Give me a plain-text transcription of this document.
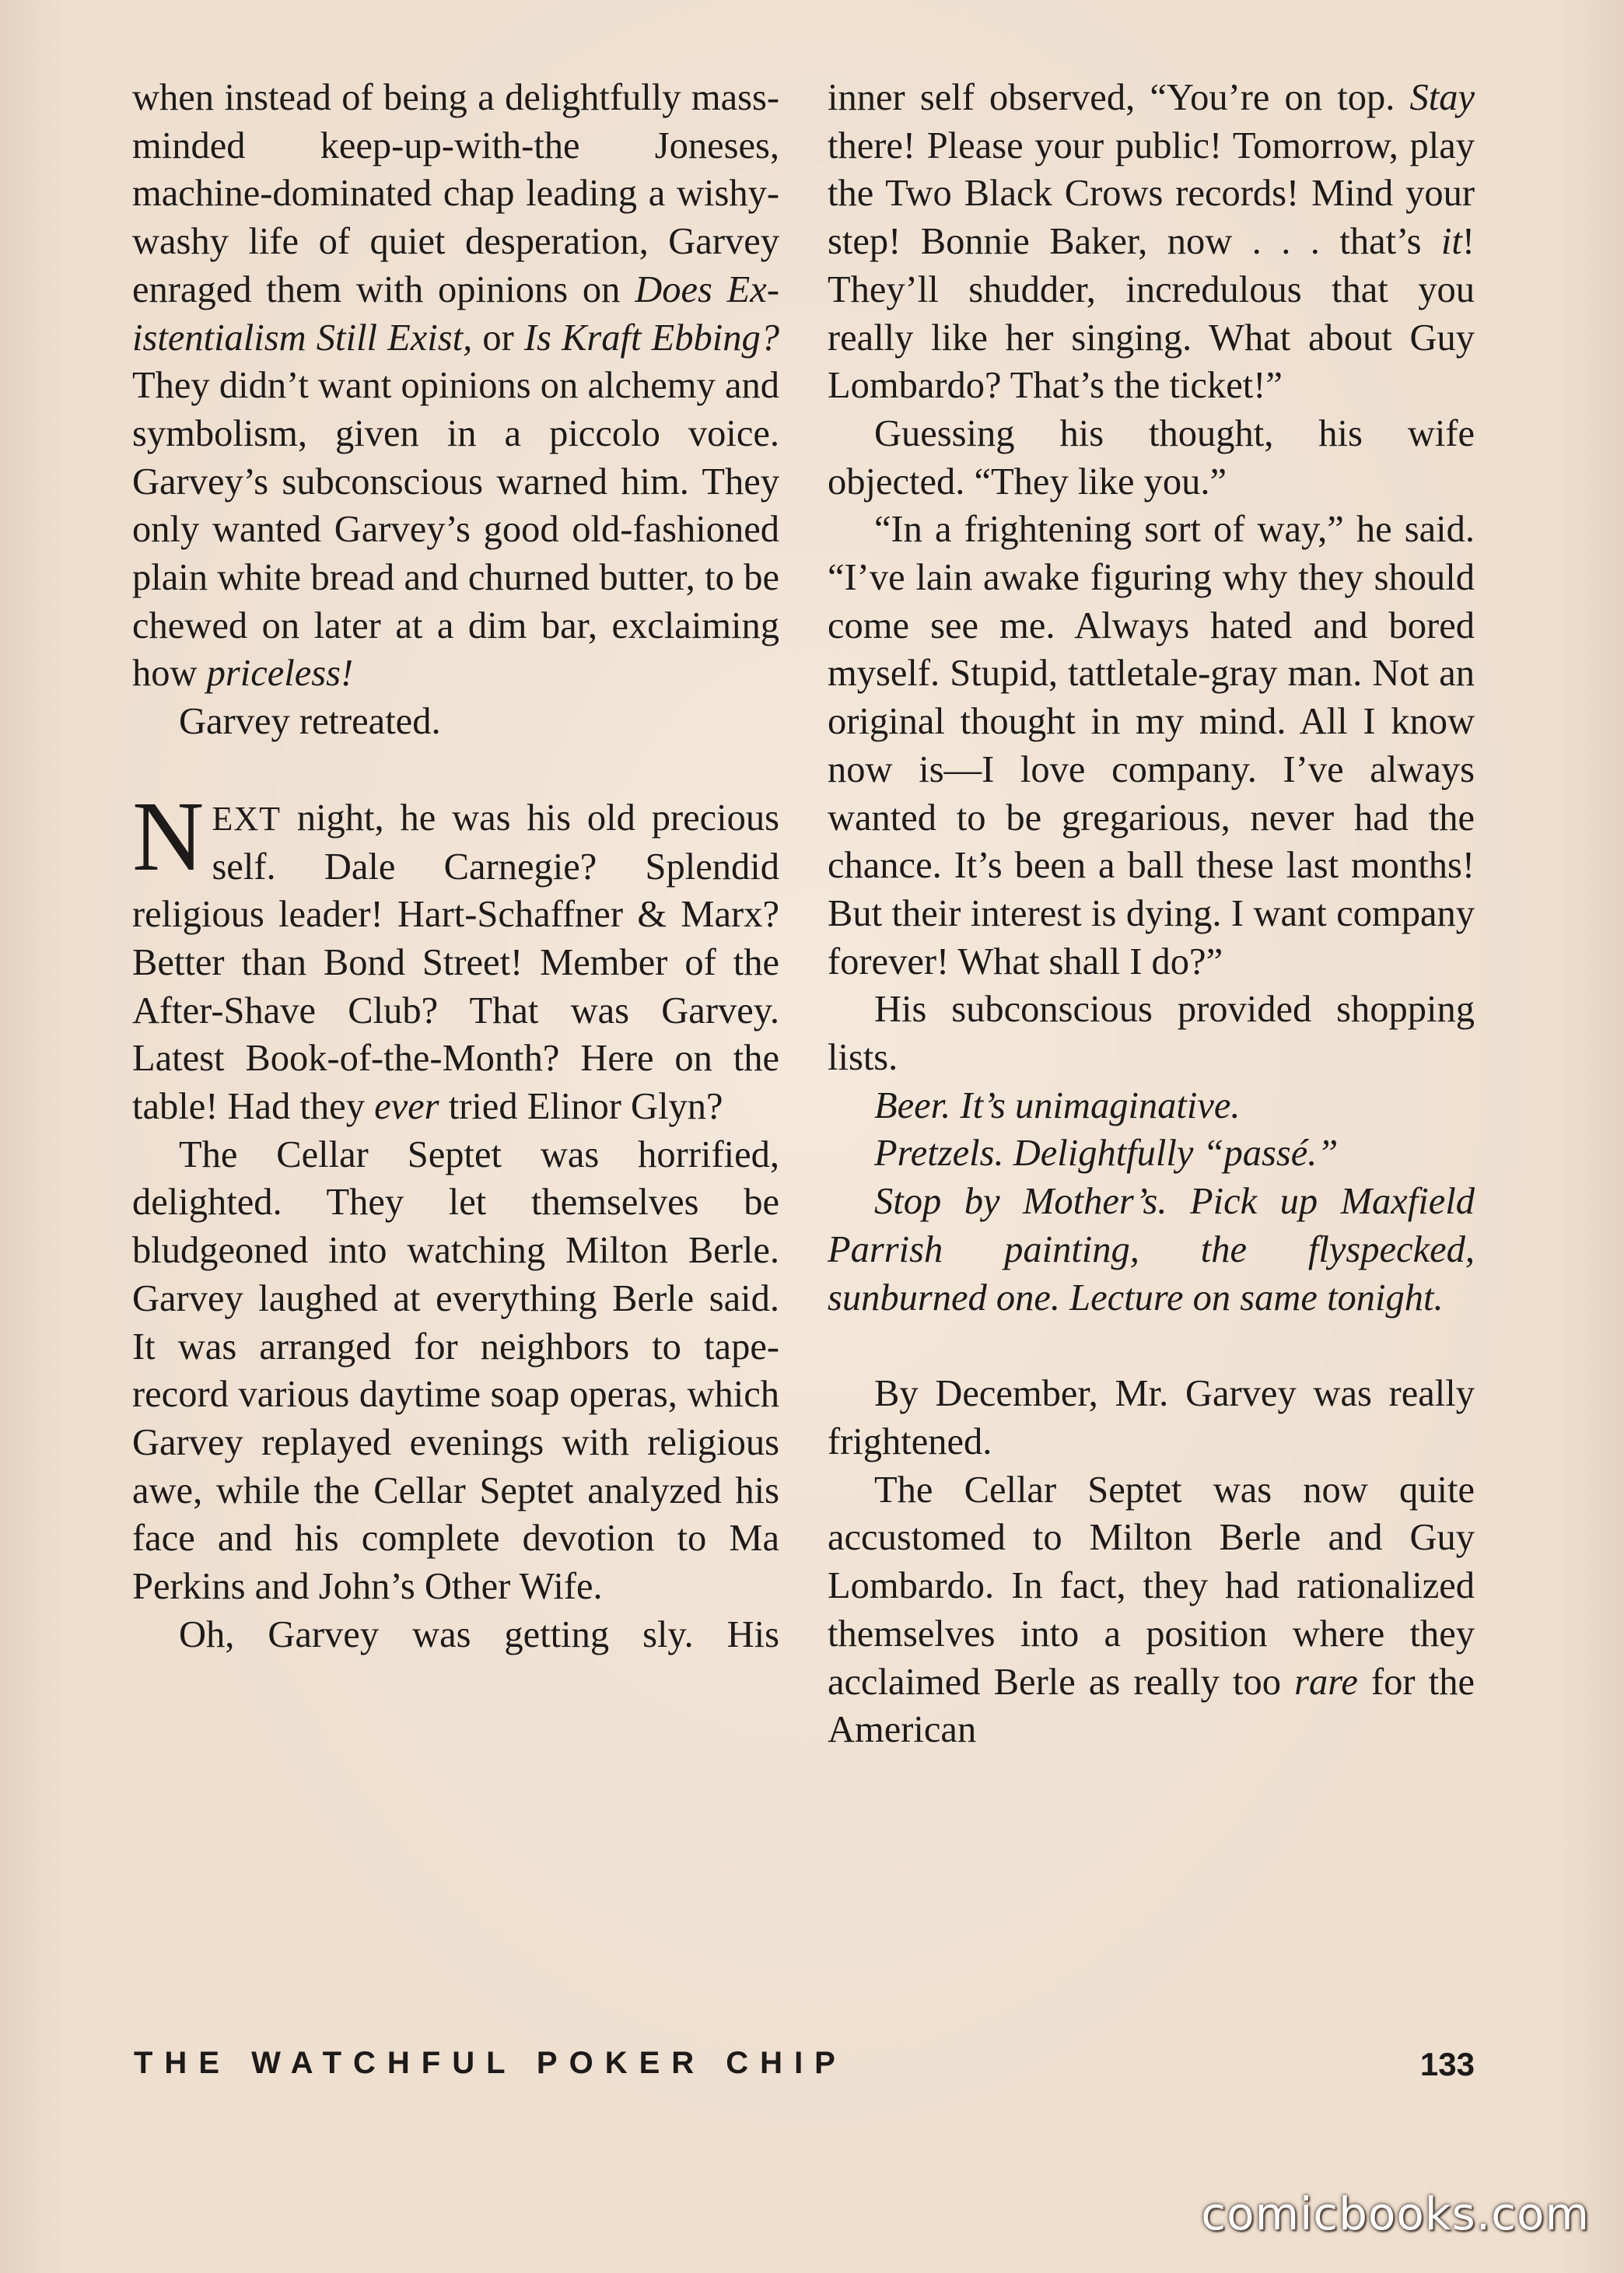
when instead of being a delightfully mass-minded keep-up-with-the Joneses, machine-dominated chap leading a wishy-washy life of quiet desperation, Garvey enraged them with opinions on Does Existentialism Still Exist, or Is Kraft Ebbing? They didn’t want opinions on alchemy and symbolism, given in a piccolo voice. Garvey’s subconscious warned him. They only wanted Garvey’s good old-fashioned plain white bread and churned butter, to be chewed on later at a dim bar, exclaiming how priceless!

Garvey retreated.

NEXT night, he was his old precious self. Dale Carnegie? Splendid religious leader! Hart-Schaffner & Marx? Better than Bond Street! Member of the After-Shave Club? That was Garvey. Latest Book-of-the-Month? Here on the table! Had they ever tried Elinor Glyn?

The Cellar Septet was horrified, delighted. They let themselves be bludgeoned into watching Milton Berle. Garvey laughed at everything Berle said. It was arranged for neighbors to tape-record various daytime soap operas, which Garvey replayed evenings with religious awe, while the Cellar Septet analyzed his face and his complete devotion to Ma Perkins and John’s Other Wife.

Oh, Garvey was getting sly. His

inner self observed, “You’re on top. Stay there! Please your public! Tomorrow, play the Two Black Crows records! Mind your step! Bonnie Baker, now . . . that’s it! They’ll shudder, incredulous that you really like her singing. What about Guy Lombardo? That’s the ticket!”

Guessing his thought, his wife objected. “They like you.”

“In a frightening sort of way,” he said. “I’ve lain awake figuring why they should come see me. Always hated and bored myself. Stupid, tattletale-gray man. Not an original thought in my mind. All I know now is—I love company. I’ve always wanted to be gregarious, never had the chance. It’s been a ball these last months! But their interest is dying. I want company forever! What shall I do?”

His subconscious provided shopping lists.

Beer. It’s unimaginative.

Pretzels. Delightfully “passé.”

Stop by Mother’s. Pick up Maxfield Parrish painting, the flyspecked, sunburned one. Lecture on same tonight.

By December, Mr. Garvey was really frightened.

The Cellar Septet was now quite accustomed to Milton Berle and Guy Lombardo. In fact, they had rationalized themselves into a position where they acclaimed Berle as really too rare for the American

THE WATCHFUL POKER CHIP	133
comicbooks.com
